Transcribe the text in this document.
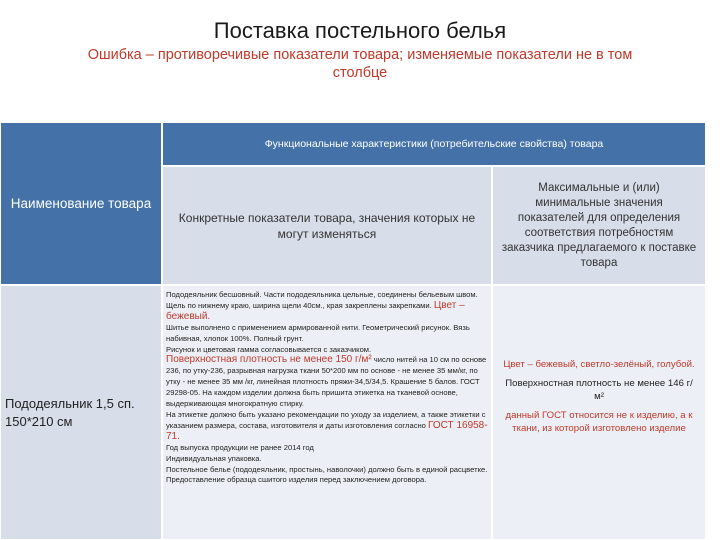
Поставка постельного белья
Ошибка – противоречивые показатели товара; изменяемые показатели не в том столбце
Функциональные характеристики (потребительские свойства) товара
Наименование товара
Конкретные показатели товара, значения которых не могут изменяться
Максимальные и (или) минимальные значения показателей для определения соответствия потребностям заказчика предлагаемого к поставке товара
Пододеяльник 1,5 сп. 150*210 см
Пододеяльник бесшовный. Части пододеяльника цельные, соединены бельевым швом. Щель по нижнему краю, ширина щели 40см., края закреплены закрепками. Цвет – бежевый.
Шитье выполнено с применением армированной нити. Геометрический рисунок. Вязь набивная, хлопок 100%. Полный грунт.
Рисунок и цветовая гамма согласовывается с заказчиком.
Поверхностная плотность не менее 150 г/м² число нитей на 10 см по основе 236, по утку-236, разрывная нагрузка ткани 50*200 мм по основе - не менее 35 мм/кг, по утку - не менее 35 мм /кг, линейная плотность пряжи-34,5/34,5. Крашение 5 балов. ГОСТ 29298-05. На каждом изделии должна быть пришита этикетка на тканевой основе, выдерживающая многократную стирку.
На этикетке должно быть указано рекомендации по уходу за изделием, а также этикетки с указанием размера, состава, изготовителя и даты изготовления согласно ГОСТ 16958-71.
Год выпуска продукции не ранее 2014 год
Индивидуальная упаковка.
Постельное белье (пододеяльник, простынь, наволочки) должно быть в единой расцветке.
Предоставление образца сшитого изделия перед заключением договора.

Цвет – бежевый, светло-зелёный, голубой.

Поверхностная плотность не менее 146 г/м²

данный ГОСТ относится не к изделию, а к ткани, из которой изготовлено изделие
